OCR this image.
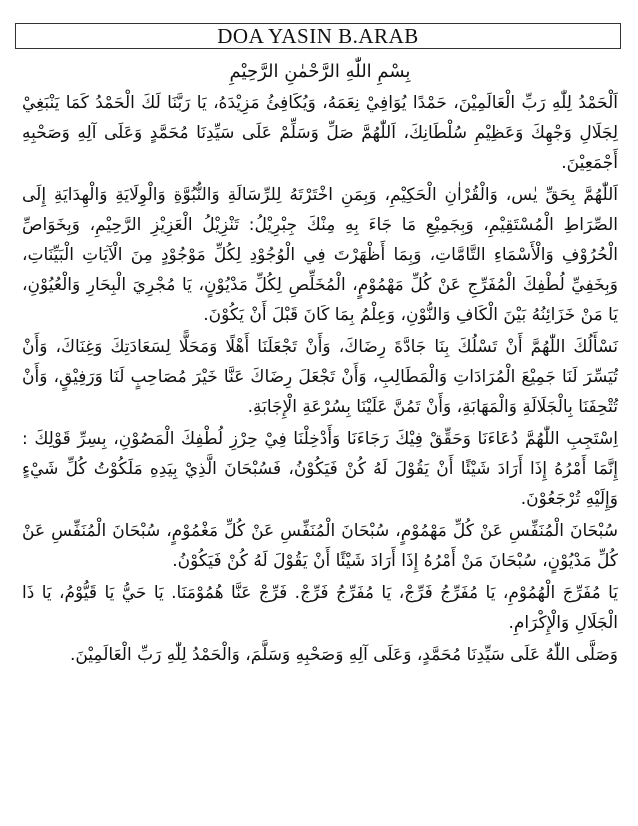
DOA YASIN B.ARAB

بِسْمِ اللّٰهِ الرَّحْمٰنِ الرَّحِيْمِ

اَلْحَمْدُ لِلّٰهِ رَبِّ الْعَالَمِيْنَ، حَمْدًا يُوَافِيْ نِعَمَهُ، وَيُكَافِئُ مَزِيْدَهُ، يَا رَبَّنَا لَكَ الْحَمْدُ كَمَا يَنْبَغِيْ لِجَلَالِ وَجْهِكَ وَعَظِيْمِ سُلْطَانِكَ، اَللّٰهُمَّ صَلِّ وَسَلِّمْ عَلَى سَيِّدِنَا مُحَمَّدٍ وَعَلَى آلِهِ وَصَحْبِهِ أَجْمَعِيْنَ.

اَللّٰهُمَّ بِحَقِّ يٰس، وَالْقُرْاٰنِ الْحَكِيْمِ، وَبِمَنِ اخْتَرْتَهُ لِلرِّسَالَةِ وَالنُّبُوَّةِ وَالْوِلَايَةِ وَالْهِدَايَةِ إِلَى الصِّرَاطِ الْمُسْتَقِيْمِ، وَبِجَمِيْعِ مَا جَاءَ بِهِ مِنْكَ جِبْرِيْلُ: تَنْزِيْلُ الْعَزِيْزِ الرَّحِيْمِ، وَبِخَوَاصِّ الْحُرُوْفِ وَالْأَسْمَاءِ التَّامَّاتِ، وَبِمَا أَظْهَرْتَ فِي الْوُجُوْدِ لِكُلِّ مَوْجُوْدٍ مِنَ الْآيَاتِ الْبَيِّنَاتِ، وَبِخَفِيِّ لُطْفِكَ الْمُفَرِّجِ عَنْ كُلِّ مَهْمُوْمٍ، الْمُخَلِّصِ لِكُلِّ مَدْيُوْنٍ، يَا مُجْرِيَ الْبِحَارِ وَالْعُيُوْنِ، يَا مَنْ خَزَائِنُهُ بَيْنَ الْكَافِ وَالنُّوْنِ، وَعِلْمُ بِمَا كَانَ قَبْلَ أَنْ يَكُوْنَ.

نَسْأَلُكَ اللّٰهُمَّ أَنْ تَسْلُكَ بِنَا جَادَّةَ رِضَاكَ، وَأَنْ تَجْعَلَنَا أَهْلًا وَمَحَلًّا لِسَعَادَتِكَ وَغِنَاكَ، وَأَنْ تُيَسِّرَ لَنَا جَمِيْعَ الْمُرَادَاتِ وَالْمَطَالِبِ، وَأَنْ تَجْعَلَ رِضَاكَ عَنَّا خَيْرَ مُصَاحِبٍ لَنَا وَرَفِيْقٍ، وَأَنْ تُتْحِفَنَا بِالْجَلَالَةِ وَالْمَهَابَةِ، وَأَنْ تَمُنَّ عَلَيْنَا بِسُرْعَةِ الْإِجَابَةِ.

اِسْتَجِبِ اللّٰهُمَّ دُعَاءَنَا وَحَقِّقْ فِيْكَ رَجَاءَنَا وَأَدْخِلْنَا فِيْ حِرْزِ لُطْفِكَ الْمَصُوْنِ، بِسِرِّ قَوْلِكَ : إِنَّمَا أَمْرُهُ إِذَا أَرَادَ شَيْئًا أَنْ يَقُوْلَ لَهُ كُنْ فَيَكُوْنُ، فَسُبْحَانَ الَّذِيْ بِيَدِهِ مَلَكُوْتُ كُلِّ شَيْءٍ وَإِلَيْهِ تُرْجَعُوْنَ.

سُبْحَانَ الْمُنَفِّسِ عَنْ كُلِّ مَهْمُوْمٍ، سُبْحَانَ الْمُنَفِّسِ عَنْ كُلِّ مَغْمُوْمٍ، سُبْحَانَ الْمُنَفِّسِ عَنْ كُلِّ مَدْيُوْنٍ، سُبْحَانَ مَنْ أَمْرُهُ إِذَا أَرَادَ شَيْئًا أَنْ يَقُوْلَ لَهُ كُنْ فَيَكُوْنُ.

يَا مُفَرِّجَ الْهُمُوْمِ، يَا مُفَرِّجُ فَرِّجْ، يَا مُفَرِّجُ فَرِّجْ. فَرِّجْ عَنَّا هُمُوْمَنَا. يَا حَيُّ يَا قَيُّوْمُ، يَا ذَا الْجَلَالِ وَالْإِكْرَامِ.

وَصَلَّى اللّٰهُ عَلَى سَيِّدِنَا مُحَمَّدٍ، وَعَلَى آلِهِ وَصَحْبِهِ وَسَلَّمَ، وَالْحَمْدُ لِلّٰهِ رَبِّ الْعَالَمِيْنَ.
